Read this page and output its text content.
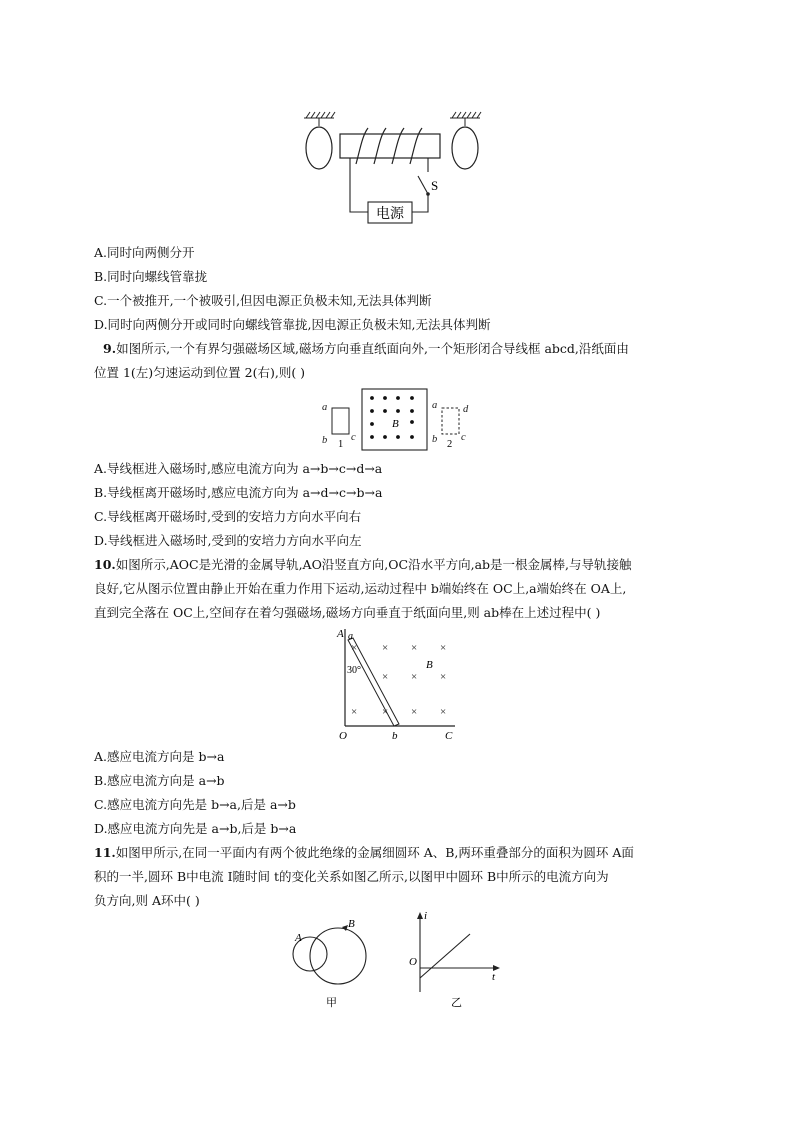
S
电源
A.同时向两侧分开
B.同时向螺线管靠拢
C.一个被推开,一个被吸引,但因电源正负极未知,无法具体判断
D.同时向两侧分开或同时向螺线管靠拢,因电源正负极未知,无法具体判断
9.如图所示,一个有界匀强磁场区域,磁场方向垂直纸面向外,一个矩形闭合导线框 abcd,沿纸面由
位置 1(左)匀速运动到位置 2(右),则( )
a
b c
1
B
a d
b c
2
A.导线框进入磁场时,感应电流方向为 a→b→c→d→a
B.导线框离开磁场时,感应电流方向为 a→d→c→b→a
C.导线框离开磁场时,受到的安培力方向水平向右
D.导线框进入磁场时,受到的安培力方向水平向左
10.如图所示,AOC是光滑的金属导轨,AO沿竖直方向,OC沿水平方向,ab是一根金属棒,与导轨接触
良好,它从图示位置由静止开始在重力作用下运动,运动过程中 b端始终在 OC上,a端始终在 OA上,
直到完全落在 OC上,空间存在着匀强磁场,磁场方向垂直于纸面向里,则 ab棒在上述过程中( )
A a
30°
O	b	C
B
× × × ×
× ×
× ×
× ×
×
A.感应电流方向是 b→a
B.感应电流方向是 a→b
C.感应电流方向先是 b→a,后是 a→b
D.感应电流方向先是 a→b,后是 b→a
11.如图甲所示,在同一平面内有两个彼此绝缘的金属细圆环 A、B,两环重叠部分的面积为圆环 A面
积的一半,圆环 B中电流 I随时间 t的变化关系如图乙所示,以图甲中圆环 B中所示的电流方向为
负方向,则 A环中( )
A
B
甲
i
t
O
乙
